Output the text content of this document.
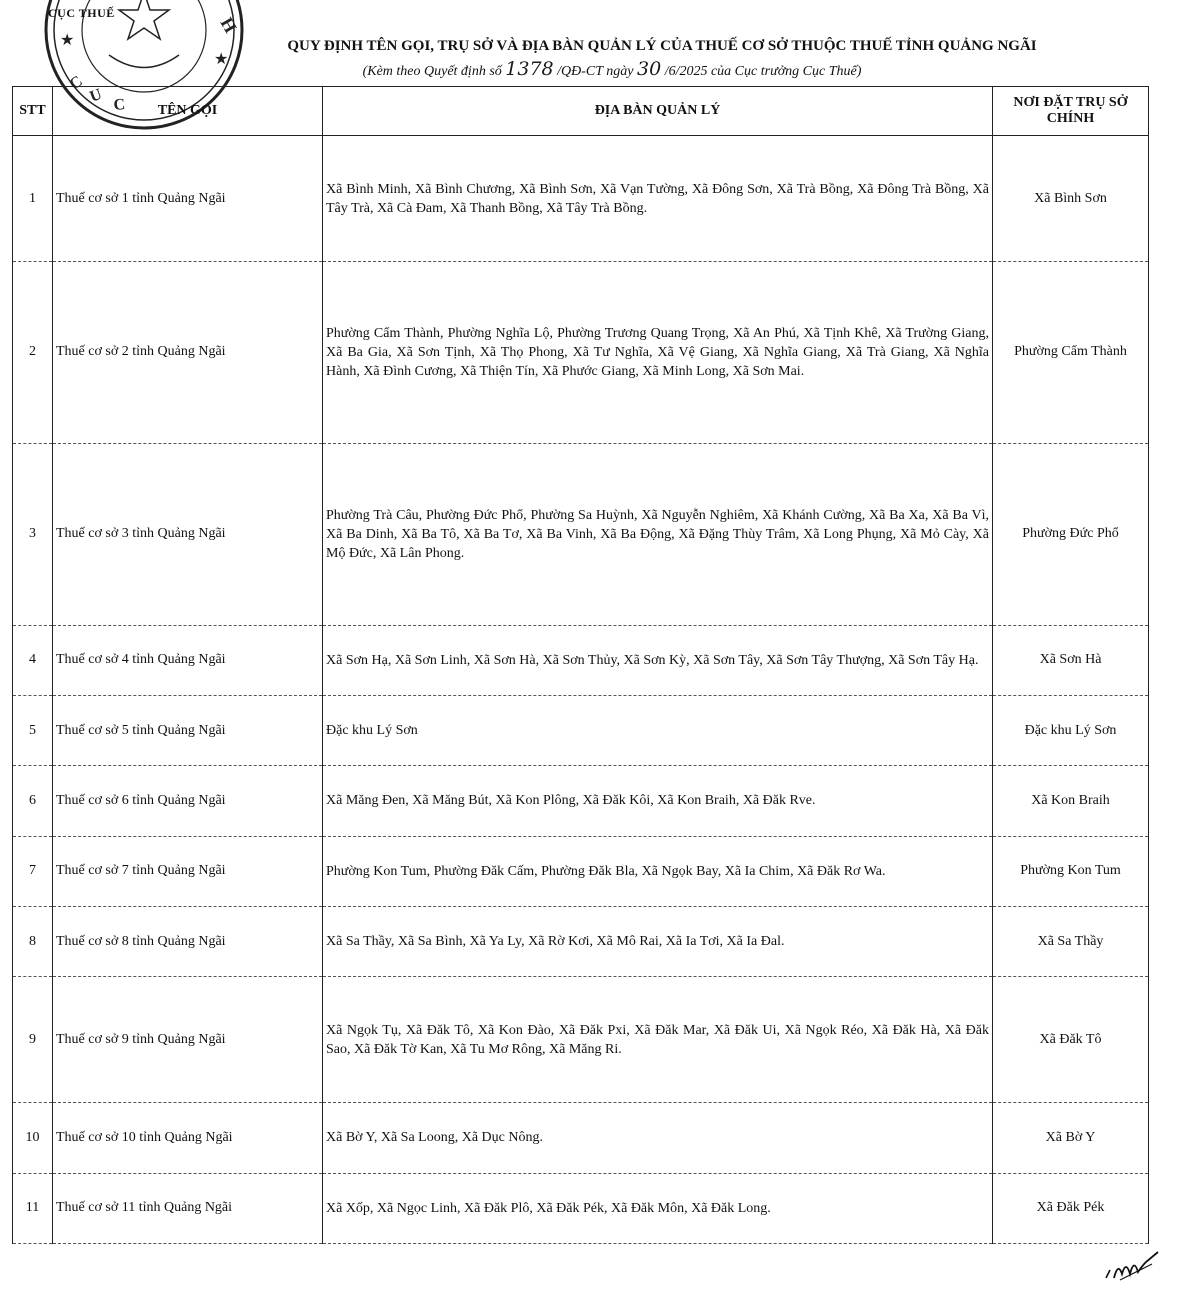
★
★
H
C
U C
CỤC THUẾ
QUY ĐỊNH TÊN GỌI, TRỤ SỞ VÀ ĐỊA BÀN QUẢN LÝ CỦA THUẾ CƠ SỞ THUỘC THUẾ TỈNH QUẢNG NGÃI
(Kèm theo Quyết định số 1378 /QĐ-CT ngày 30 /6/2025 của Cục trưởng Cục Thuế)
STT	TÊN GỌI	ĐỊA BÀN QUẢN LÝ	NƠI ĐẶT TRỤ SỞ CHÍNH
1	Thuế cơ sở 1 tỉnh Quảng Ngãi	Xã Bình Minh, Xã Bình Chương, Xã Bình Sơn, Xã Vạn Tường, Xã Đông Sơn, Xã Trà Bồng, Xã Đông Trà Bồng, Xã Tây Trà, Xã Cà Đam, Xã Thanh Bồng, Xã Tây Trà Bồng.	Xã Bình Sơn
2	Thuế cơ sở 2 tỉnh Quảng Ngãi	Phường Cẩm Thành, Phường Nghĩa Lộ, Phường Trương Quang Trọng, Xã An Phú, Xã Tịnh Khê, Xã Trường Giang, Xã Ba Gia, Xã Sơn Tịnh, Xã Thọ Phong, Xã Tư Nghĩa, Xã Vệ Giang, Xã Nghĩa Giang, Xã Trà Giang, Xã Nghĩa Hành, Xã Đình Cương, Xã Thiện Tín, Xã Phước Giang, Xã Minh Long, Xã Sơn Mai.	Phường Cẩm Thành
3	Thuế cơ sở 3 tỉnh Quảng Ngãi	Phường Trà Câu, Phường Đức Phổ, Phường Sa Huỳnh, Xã Nguyễn Nghiêm, Xã Khánh Cường, Xã Ba Xa, Xã Ba Vì, Xã Ba Dinh, Xã Ba Tô, Xã Ba Tơ, Xã Ba Vinh, Xã Ba Động, Xã Đặng Thùy Trâm, Xã Long Phụng, Xã Mỏ Cày, Xã Mộ Đức, Xã Lân Phong.	Phường Đức Phổ
4	Thuế cơ sở 4 tỉnh Quảng Ngãi	Xã Sơn Hạ, Xã Sơn Linh, Xã Sơn Hà, Xã Sơn Thủy, Xã Sơn Kỳ, Xã Sơn Tây, Xã Sơn Tây Thượng, Xã Sơn Tây Hạ.	Xã Sơn Hà
5	Thuế cơ sở 5 tỉnh Quảng Ngãi	Đặc khu Lý Sơn	Đặc khu Lý Sơn
6	Thuế cơ sở 6 tỉnh Quảng Ngãi	Xã Măng Đen, Xã Măng Bút, Xã Kon Plông, Xã Đăk Kôi, Xã Kon Braih, Xã Đăk Rve.	Xã Kon Braih
7	Thuế cơ sở 7 tỉnh Quảng Ngãi	Phường Kon Tum, Phường Đăk Cấm, Phường Đăk Bla, Xã Ngọk Bay, Xã Ia Chim, Xã Đăk Rơ Wa.	Phường Kon Tum
8	Thuế cơ sở 8 tỉnh Quảng Ngãi	Xã Sa Thầy, Xã Sa Bình, Xã Ya Ly, Xã Rờ Kơi, Xã Mô Rai, Xã Ia Tơi, Xã Ia Đal.	Xã Sa Thầy
9	Thuế cơ sở 9 tỉnh Quảng Ngãi	Xã Ngọk Tụ, Xã Đăk Tô, Xã Kon Đào, Xã Đăk Pxi, Xã Đăk Mar, Xã Đăk Ui, Xã Ngọk Réo, Xã Đăk Hà, Xã Đăk Sao, Xã Đăk Tờ Kan, Xã Tu Mơ Rông, Xã Măng Ri.	Xã Đăk Tô
10	Thuế cơ sở 10 tỉnh Quảng Ngãi	Xã Bờ Y, Xã Sa Loong, Xã Dục Nông.	Xã Bờ Y
11	Thuế cơ sở 11 tỉnh Quảng Ngãi	Xã Xốp, Xã Ngọc Linh, Xã Đăk Plô, Xã Đăk Pék, Xã Đăk Môn, Xã Đăk Long.	Xã Đăk Pék
